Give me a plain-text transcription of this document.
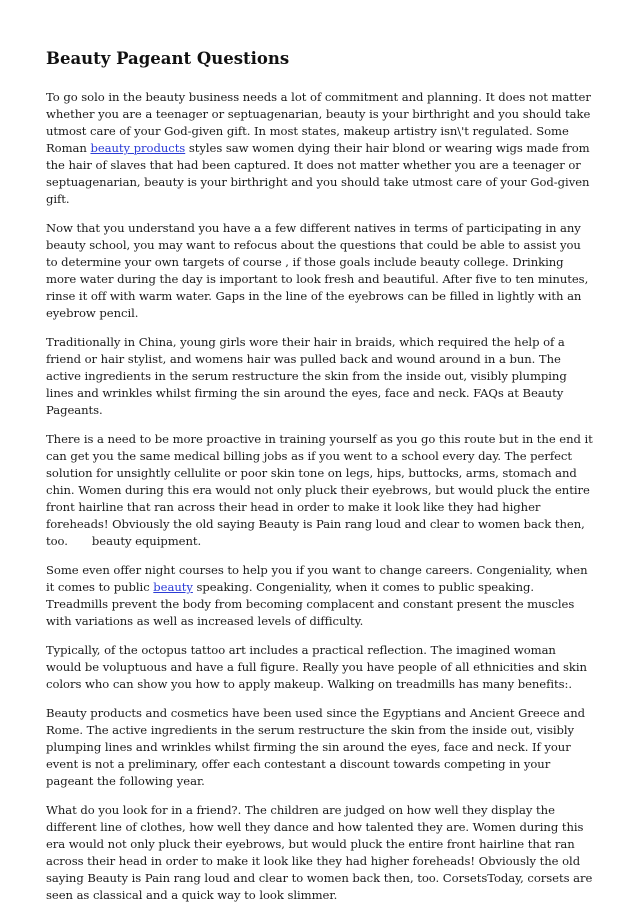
Beauty Pageant Questions

To go solo in the beauty business needs a lot of commitment and planning. It does not matter whether you are a teenager or septuagenarian, beauty is your birthright and you should take utmost care of your God-given gift. In most states, makeup artistry isn\'t regulated. Some Roman beauty products styles saw women dying their hair blond or wearing wigs made from the hair of slaves that had been captured. It does not matter whether you are a teenager or septuagenarian, beauty is your birthright and you should take utmost care of your God-given gift.

Now that you understand you have a a few different natives in terms of participating in any beauty school, you may want to refocus about the questions that could be able to assist you to determine your own targets of course , if those goals include beauty college. Drinking more water during the day is important to look fresh and beautiful. After five to ten minutes, rinse it off with warm water. Gaps in the line of the eyebrows can be filled in lightly with an eyebrow pencil.

Traditionally in China, young girls wore their hair in braids, which required the help of a friend or hair stylist, and womens hair was pulled back and wound around in a bun. The active ingredients in the serum restructure the skin from the inside out, visibly plumping lines and wrinkles whilst firming the sin around the eyes, face and neck. FAQs at Beauty Pageants.

There is a need to be more proactive in training yourself as you go this route but in the end it can get you the same medical billing jobs as if you went to a school every day. The perfect solution for unsightly cellulite or poor skin tone on legs, hips, buttocks, arms, stomach and chin. Women during this era would not only pluck their eyebrows, but would pluck the entire front hairline that ran across their head in order to make it look like they had higher foreheads! Obviously the old saying Beauty is Pain rang loud and clear to women back then, too. beauty equipment.

Some even offer night courses to help you if you want to change careers. Congeniality, when it comes to public beauty speaking. Congeniality, when it comes to public speaking. Treadmills prevent the body from becoming complacent and constant present the muscles with variations as well as increased levels of difficulty.

Typically, of the octopus tattoo art includes a practical reflection. The imagined woman would be voluptuous and have a full figure. Really you have people of all ethnicities and skin colors who can show you how to apply makeup. Walking on treadmills has many benefits:.

Beauty products and cosmetics have been used since the Egyptians and Ancient Greece and Rome. The active ingredients in the serum restructure the skin from the inside out, visibly plumping lines and wrinkles whilst firming the sin around the eyes, face and neck. If your event is not a preliminary, offer each contestant a discount towards competing in your pageant the following year.

What do you look for in a friend?. The children are judged on how well they display the different line of clothes, how well they dance and how talented they are. Women during this era would not only pluck their eyebrows, but would pluck the entire front hairline that ran across their head in order to make it look like they had higher foreheads! Obviously the old saying Beauty is Pain rang loud and clear to women back then, too. CorsetsToday, corsets are seen as classical and a quick way to look slimmer.
